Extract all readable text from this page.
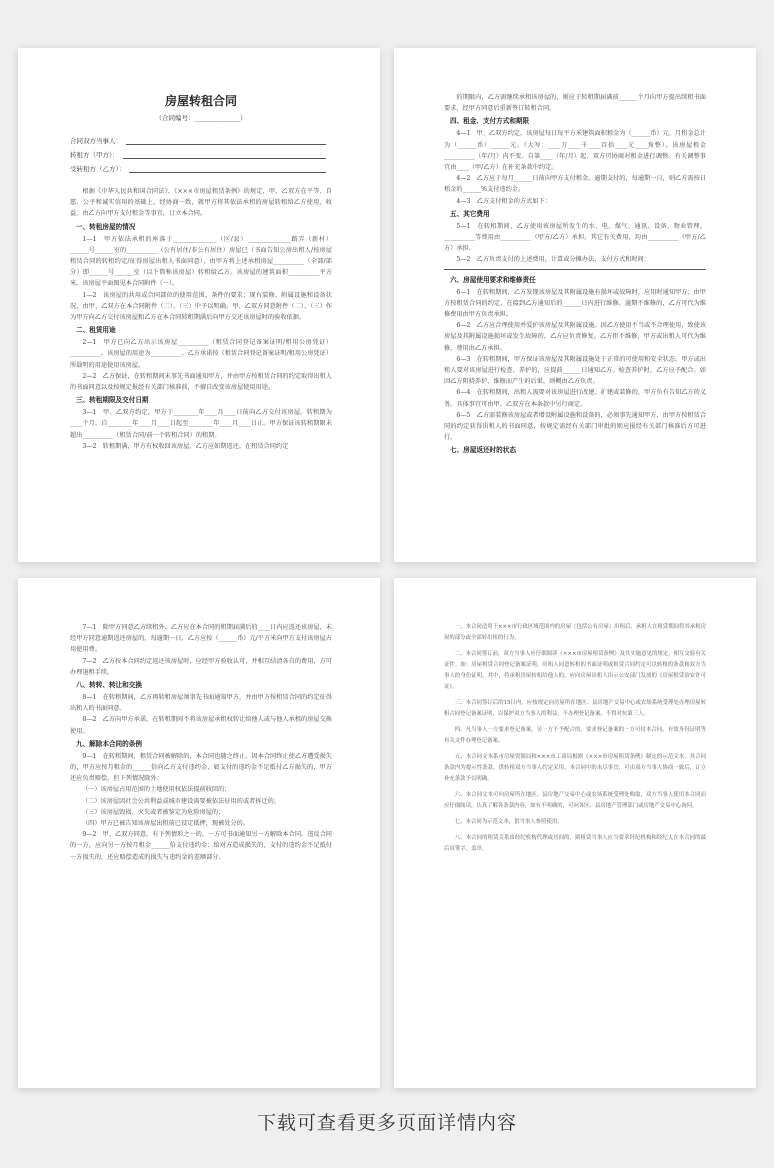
房屋转租合同
（合同编号：______________）
合同双方当事人：
转租方（甲方）：
受转租方（乙方）：

根据《中华人民共和国合同法》、《×××市房屋租赁条例》的规定，甲、乙双方在平等、自愿、公平和诚实信用的基础上，经协商一致，就甲方将其依法承租的房屋转租给乙方使用、收益、由乙方向甲方支付租金等事宜，订立本合同。

一、转租房屋的情况

1—1　甲方依法承租的座落于______________（区/县）______________路弄（新村）______号______室的__________（公有居住/非公有居住）房屋已（书面告知公房出租人/按房屋租赁合同的转租约定/征得房屋出租人书面同意），由甲方将上述承租房屋__________（全部/部分）即______号______室（以下简称该房屋）转租给乙方。该房屋的建筑面积__________平方米。该房屋平面图见本合同附件（一）。

1—2　该房屋的共用或合同部位的使用范围、条件的要求；现有装修、附属设施和设备状况，由甲、乙双方在本合同附件（二）、（三）中予以明确。甲、乙双方同意附件（二）、（三）作为甲方向乙方交付该房屋和乙方在本合同转租期满后向甲方交还该房屋时的验收依据。

二、租赁用途

2—1　甲方已向乙方出示该房屋__________（租赁合同登记备案证明/租用公房凭证）__________。该房屋的用途为__________。乙方承诺按（租赁合同登记备案证明/租用公房凭证）所载明的用途使用该房屋。

2—2　乙方保证，在转租期间未事先书面通知甲方，并由甲方按租赁合同的约定取得出租人的书面同意以及按规定报经有关部门核准前，不擅自改变该房屋使用用途。

三、转租期限及交付日期

3—1　甲、乙双方约定，甲方于________年____月____日前向乙方交付该房屋。转租期为____个月。自________年____月____日起至________年____月____日止。甲方保证该转租期限未超出__________（租赁合同/前一个转租合同）的租期。

3—2　转租期满，甲方有权收回该房屋，乙方应如期返还。在租赁合同约定

的期限内，乙方需继续承租该房屋的，则应于转租期届满前______个月向甲方提出续租书面要求，经甲方同意后重新签订转租合同。

四、租金、支付方式和期限

4—1　甲、乙双方约定，该房屋每日每平方米建筑面积租金为（______币）元，月租金总计为（______币）______元。（大写：____万____千____百拾____元____角整）。该房屋租金__________（年/月）内不变。自第____（年/月）起，双方可协商对租金进行调整。有关调整事宜由____（甲/乙方）在补充条款中约定。

4—2　乙方应于每月______日前向甲方支付租金。逾期支付的，每逾期一日，则乙方需按日租金的______%支付违约金。

4—3　乙方支付租金的方式如下：

五、其它费用

5—1　在转租期间，乙方使用该房屋所发生的水、电、煤气、通讯、设备、物业管理、__________等费用由__________（甲方/乙方）承担。其它有关费用，均由__________（甲方/乙方）承担。

5—2　乙方负责支付的上述费用，计算或分摊办法、支付方式和时间：

六、房屋使用要求和维修责任

6—1　在转租期间，乙方发现该房屋及其附属设施有损坏或故障时，应用时通知甲方；由甲方按租赁合同的约定，在接到乙方通知后的______日内进行维修。逾期不维修的，乙方可代为维修费用由甲方负责承担。

6—2　乙方应合理使用并爱护该房屋及其附属设施。因乙方使用不当或不合理使用，致使该房屋及其附属设施损坏或发生故障的，乙方应负责修复。乙方拒不维修，甲方或出租人可代为维修，费用由乙方承担。

6—3　在转租期间，甲方保证该房屋及其附属设施处于正常的可使用和安全状态。甲方或出租人要对该房屋进行检查、养护的，应提前______日通知乙方。检查养护时，乙方应予配合。如因乙方阻挠养护、维修而产生的后果，则概由乙方负责。

6—4　在转租期间，出租人需要对该房屋进行改建、扩建或装修的，甲方负有告知乙方的义务。具体事宜可由甲、乙双方在本条款中另行商定。

6—5　乙方需装修该房屋或者增设附属设施和设备的，必须事先通知甲方，由甲方按租赁合同的约定获得出租人的书面同意，按规定需经有关部门审批的则应报经有关部门核准后方可进行。

七、房屋返还时的状态

7—1　除甲方同意乙方续租外、乙方应在本合同的租期届满后的____日内应返还该房屋，未经甲方同意逾期返还房屋的，每逾期一日，乙方应按（______币）元/平方米向甲方支付该房屋占用使用费。

7—2　乙方按本合同约定返还该房屋时，应经甲方验收认可，并相互结清各自的费用，方可办理退租手续。

八、转转、转让和交换

8—1　在转租期间，乙方再转租房屋须事先书面通知甲方，并由甲方按租赁合同的约定征得出租人的书面同意。

8—2　乙方向甲方承诺，在转租期间不将该房屋承租权转让给他人或与他人承租的房屋交换使用。

九、解除本合同的条例

9—1　在转租期间，租赁合同被解除的，本合同也随之终止。因本合同终止使乙方遭受损失的，甲方应按月租金的______倍向乙方支付违约金，如支付的违约金不足抵付乙方损失的，甲方还应负责赔偿，但下列情况除外：

（一）该房屋占用范围的土地使用权依法提前收回的；
（二）该房屋因社会公共利益或城市建设需要被依法征用的或者拆迁的。
（三）该房屋毁损、灭失或者被鉴定为危险房屋的；
（四）甲方已被告知该房屋出租前已设定抵押，现被处分的。

9—2　甲、乙双方同意，有下列情形之一的，一方可书面通知另一方解除本合同。违反合同的一方，应向另一方按月租金______倍支付违约金；给对方造成损失的，支付的违约金不足抵付一方损失的，还应赔偿造成的损失与违约金的差额部分。

一、本合同适用于×××市行政区域范围内的房屋（包括公有房屋）出租后，承租人在租赁期间将其承租房屋的部分或全部转出租的行为。

二、本合同签订前，双方当事人应仔细阅读《×××市房屋租赁条例》及其实施意见的规定，相互交验有关证件。如：房屋租赁合同登记备案证明，出租人同意转租的书面证明或租赁合同约定可以转租的条款和双方当事人的身份证明。其中，将承租房屋转租给他人的，应向房屋出租人出示公安部门发放的《房屋租赁治安许可证》。

三、本合同签订后的15日内，应按规定向房屋所在地区、县房地产交易中心或农场系统受理处办理房屋转租合同登记备案证明，以保护双方当事人的利益，不办理登记备案，不得对抗第三人。

四、凡当事人一方要求登记备案，另一方不予配合的，要求登记备案的一方可持本合同，有效身份证明等有关文件办理登记备案。

五、本合同文本系市房屋资源局和×××市工商局根据《×××市房屋租赁条例》制定的示范文本，其合同条款内为提示性条款，供转租双方当事人约定采用。本合同中的未尽事宜，可由双方当事人协商一致后，订立补充条款予以明确。

六、本合同文本可向房屋所在地区、县房地产交易中心或农场系统受理处购取，双方当事人使用本合同而应仔细阅读，认真了解各条款内容，如有不明确的，可向各区、县房地产管理部门或房地产交易中心询问。

七、本合同为示范文本，供当事人参照使用。

八、本合同的租赁关系由经纪机构代理或居间的，则租赁当事人应当要求经纪机构和经纪人在本合同的最后页签字、盖章。

下载可查看更多页面详情内容
